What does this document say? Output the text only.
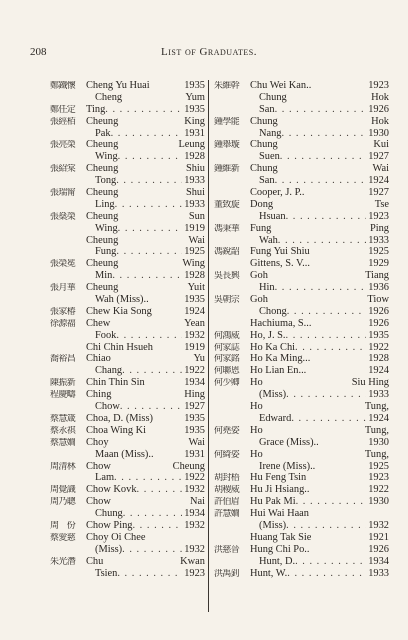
208	List of Graduates.
鄭鐵懷	Cheng Yu Huai	1935
Cheng	Yum
鄭任定	Ting . . .	1935
張經栢	Cheung	King
Pak . . .	1931
張亮榮	Cheung	Leung
Wing . . .	1928
張紹棠	Cheung	Shiu
Tong . . .	1933
張瑞甯	Cheung	Shui
Ling . . .	1933
張燊榮	Cheung	Sun
Wing . . .	1919
Cheung	Wai
Fung . . .	1925
張榮冕	Cheung	Wing
Min . . .	1928
張月華	Cheung	Yuit
Wah (Miss)..	1935
張家椿	Chew Kia Song	1924
徐源福	Chew	Yean
Fook . . .	1932
Chi Chin Hsueh	1919
喬裕昌	Chiao	Yu
Chang . . .	1922
陳振新	Chin Thin Sin	1934
程慶疇	Ching	Hing
Chow . . .	1927
蔡慧箴	Choa, D. (Miss)	1935
蔡永祺	Choa Wing Ki	1935
蔡慧嫺	Choy	Wai
Maan (Miss)..	1931
周清林	Chow	Cheung
Lam . . .	1922
周覺識	Chow Kovk . . .	1932
周乃聰	Chow	Nai
Chung . . .	1934
周　份	Chow Ping . . .	1932
蔡愛慈	Choy Oi Chee
(Miss) . . .	1932
朱光潛	Chu	Kwan
Tsien . . .	1923
朱維幹	Chu Wei Kan..	1923
Chung	Hok
San . . .	1926
鍾學能	Chung	Hok
Nang . . .	1930
鍾舉璇	Chung	Kui
Suen . . .	1927
鍾維新	Chung	Wai
San . . .	1924
Cooper, J. P..	1927
董致旋	Dong	Tse
Hsuan . . .	1923
馮秉華	Fung	Ping
Wah . . .	1933
馮銳韶	Fung Yui Shiu	1925
Gittens, S. V...	1929
吳長興	Goh	Tiang
Hin . . .	1936
吳朝宗	Goh	Tiow
Chong . . .	1926
Hachiuma, S...	1926
何鴻威	Ho, J. S. . . .	1935
何家誌	Ho Ka Chi . . .	1922
何家銘	Ho Ka Ming...	1928
何聯恩	Ho Lian En...	1924
何少卿	Ho	Siu Hing
(Miss) . . .	1933
Ho	Tung,
Edward . . .	1924
何堯姿	Ho	Tung,
Grace (Miss)..	1930
何綺姿	Ho	Tung,
Irene (Miss)..	1925
胡封梧	Hu Feng Tsin	1923
胡稷威	Hu Ji Hsiang..	1922
許伯眉	Hu Pak Mi . . .	1930
許慧嫺	Hui Wai Haan
(Miss) . . .	1932
Huang Tak Sie	1921
洪慈晉	Hung Chi Po..	1926
Hunt, D. . . .	1934
洪禹釗	Hunt, W. . . .	1933
